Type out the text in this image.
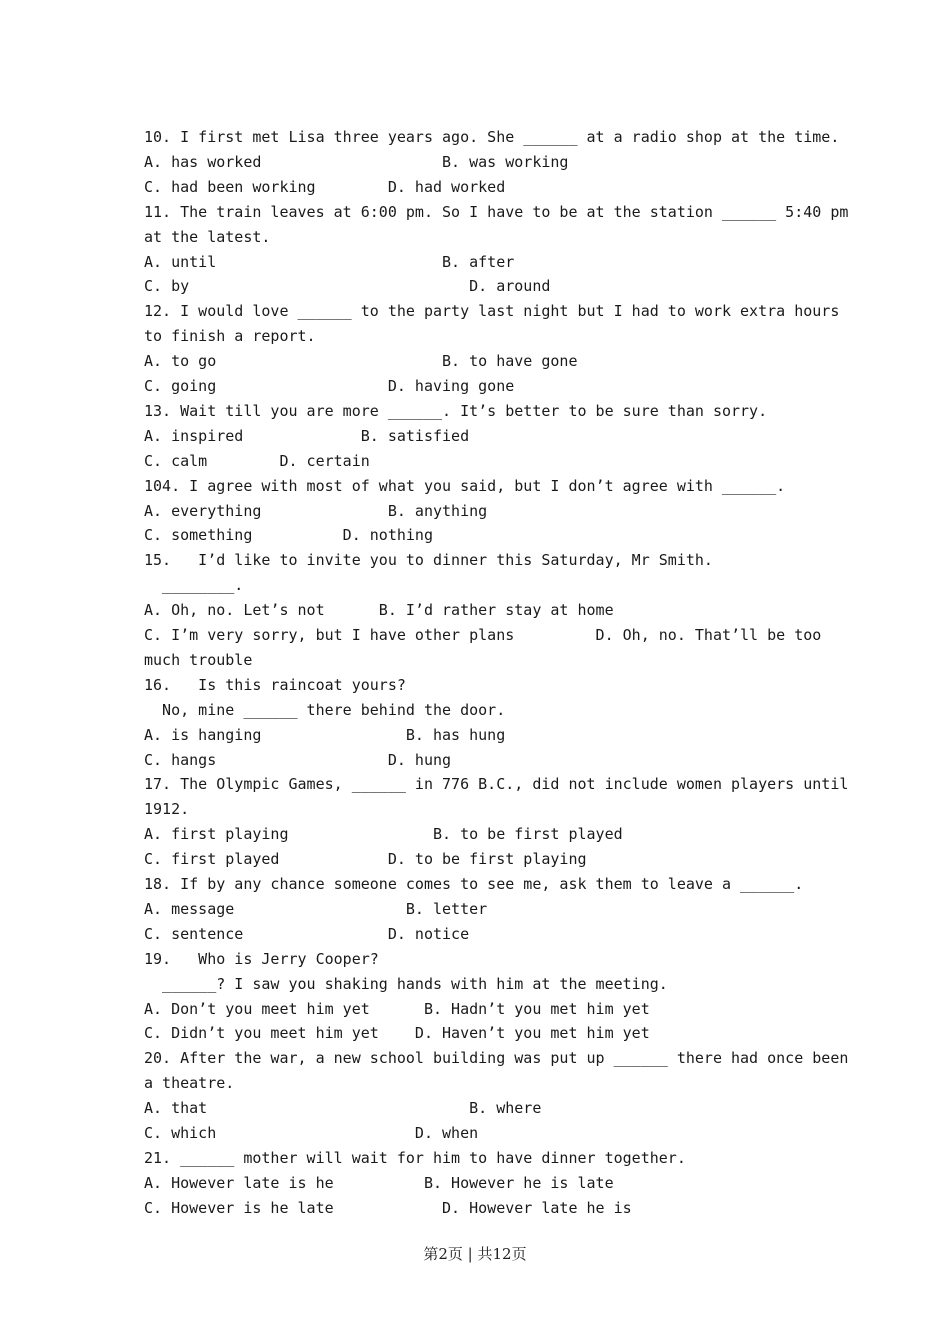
10. I first met Lisa three years ago. She ______ at a radio shop at the time.
A. has worked                    B. was working
C. had been working        D. had worked
11. The train leaves at 6:00 pm. So I have to be at the station ______ 5:40 pm
at the latest.
A. until                         B. after
C. by                               D. around
12. I would love ______ to the party last night but I had to work extra hours
to finish a report.
A. to go                         B. to have gone
C. going                   D. having gone
13. Wait till you are more ______. It’s better to be sure than sorry.
A. inspired             B. satisfied
C. calm        D. certain
104. I agree with most of what you said, but I don’t agree with ______.
A. everything              B. anything
C. something          D. nothing
15.   I’d like to invite you to dinner this Saturday, Mr Smith.
________.
A. Oh, no. Let’s not      B. I’d rather stay at home
C. I’m very sorry, but I have other plans         D. Oh, no. That’ll be too
much trouble
16.   Is this raincoat yours?
No, mine ______ there behind the door.
A. is hanging                B. has hung
C. hangs                   D. hung
17. The Olympic Games, ______ in 776 B.C., did not include women players until
1912.
A. first playing                B. to be first played
C. first played            D. to be first playing
18. If by any chance someone comes to see me, ask them to leave a ______.
A. message                   B. letter
C. sentence                D. notice
19.   Who is Jerry Cooper?
______? I saw you shaking hands with him at the meeting.
A. Don’t you meet him yet      B. Hadn’t you met him yet
C. Didn’t you meet him yet    D. Haven’t you met him yet
20. After the war, a new school building was put up ______ there had once been
a theatre.
A. that                             B. where
C. which                      D. when
21. ______ mother will wait for him to have dinner together.
A. However late is he          B. However he is late
C. However is he late            D. However late he is
第2页 | 共12页
